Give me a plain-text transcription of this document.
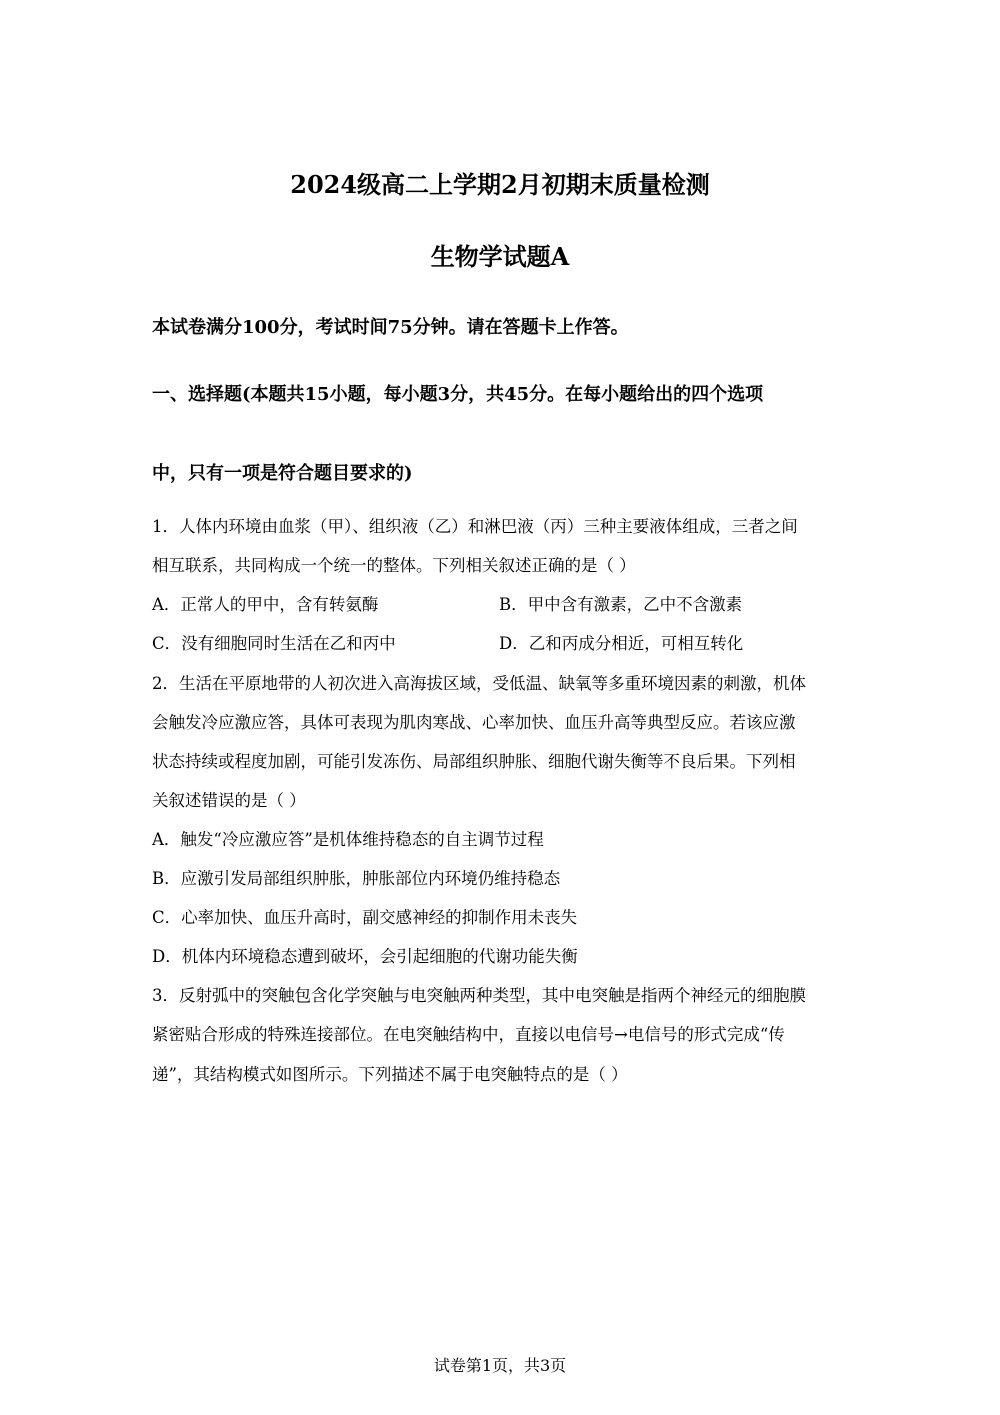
2024级高二上学期2月初期末质量检测
生物学试题A
本试卷满分100分，考试时间75分钟。请在答题卡上作答。
一、选择题(本题共15小题，每小题3分，共45分。在每小题给出的四个选项
中，只有一项是符合题目要求的)
1．人体内环境由血浆（甲）、组织液（乙）和淋巴液（丙）三种主要液体组成，三者之间
相互联系，共同构成一个统一的整体。下列相关叙述正确的是（ ）
A．正常人的甲中，含有转氨酶	B．甲中含有激素，乙中不含激素
C．没有细胞同时生活在乙和丙中	D．乙和丙成分相近，可相互转化
2．生活在平原地带的人初次进入高海拔区域，受低温、缺氧等多重环境因素的刺激，机体
会触发冷应激应答，具体可表现为肌肉寒战、心率加快、血压升高等典型反应。若该应激
状态持续或程度加剧，可能引发冻伤、局部组织肿胀、细胞代谢失衡等不良后果。下列相
关叙述错误的是（ ）
A．触发“冷应激应答”是机体维持稳态的自主调节过程
B．应激引发局部组织肿胀，肿胀部位内环境仍维持稳态
C．心率加快、血压升高时，副交感神经的抑制作用未丧失
D．机体内环境稳态遭到破坏，会引起细胞的代谢功能失衡
3．反射弧中的突触包含化学突触与电突触两种类型，其中电突触是指两个神经元的细胞膜
紧密贴合形成的特殊连接部位。在电突触结构中，直接以电信号→电信号的形式完成“传
递”，其结构模式如图所示。下列描述不属于电突触特点的是（ ）
试卷第1页，共3页
